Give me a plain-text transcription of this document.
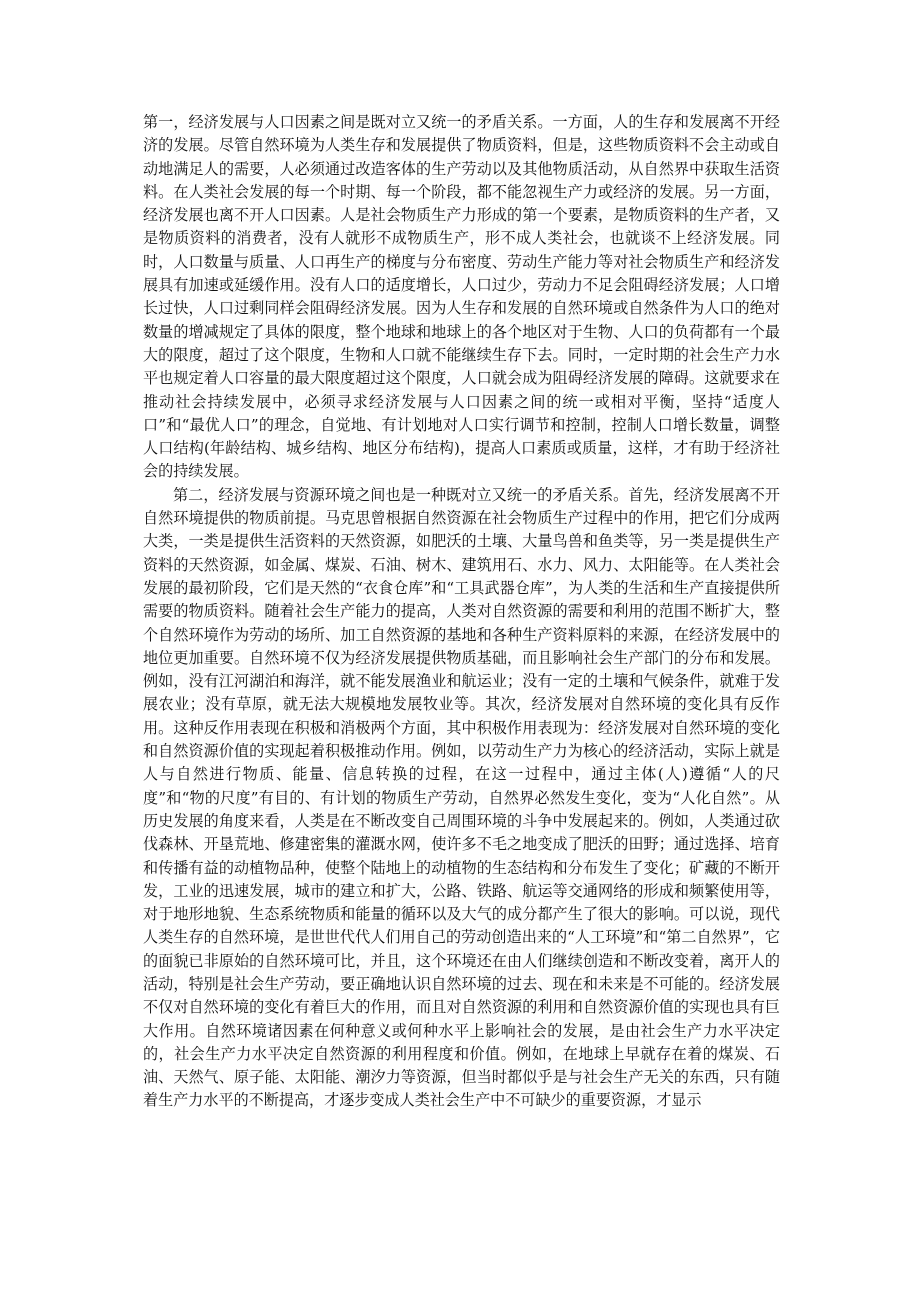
第一，经济发展与人口因素之间是既对立又统一的矛盾关系。一方面，人的生存和发展离不开经济的发展。尽管自然环境为人类生存和发展提供了物质资料，但是，这些物质资料不会主动或自动地满足人的需要，人必须通过改造客体的生产劳动以及其他物质活动，从自然界中获取生活资料。在人类社会发展的每一个时期、每一个阶段，都不能忽视生产力或经济的发展。另一方面，经济发展也离不开人口因素。人是社会物质生产力形成的第一个要素，是物质资料的生产者，又是物质资料的消费者，没有人就形不成物质生产，形不成人类社会，也就谈不上经济发展。同时，人口数量与质量、人口再生产的梯度与分布密度、劳动生产能力等对社会物质生产和经济发展具有加速或延缓作用。没有人口的适度增长，人口过少，劳动力不足会阻碍经济发展；人口增长过快，人口过剩同样会阻碍经济发展。因为人生存和发展的自然环境或自然条件为人口的绝对数量的增减规定了具体的限度，整个地球和地球上的各个地区对于生物、人口的负荷都有一个最大的限度，超过了这个限度，生物和人口就不能继续生存下去。同时，一定时期的社会生产力水平也规定着人口容量的最大限度超过这个限度，人口就会成为阻碍经济发展的障碍。这就要求在推动社会持续发展中，必须寻求经济发展与人口因素之间的统一或相对平衡，坚持“适度人口”和“最优人口”的理念，自觉地、有计划地对人口实行调节和控制，控制人口增长数量，调整人口结构(年龄结构、城乡结构、地区分布结构)，提高人口素质或质量，这样，才有助于经济社会的持续发展。

第二，经济发展与资源环境之间也是一种既对立又统一的矛盾关系。首先，经济发展离不开自然环境提供的物质前提。马克思曾根据自然资源在社会物质生产过程中的作用，把它们分成两大类，一类是提供生活资料的天然资源，如肥沃的土壤、大量鸟兽和鱼类等，另一类是提供生产资料的天然资源，如金属、煤炭、石油、树木、建筑用石、水力、风力、太阳能等。在人类社会发展的最初阶段，它们是天然的“衣食仓库”和“工具武器仓库”，为人类的生活和生产直接提供所需要的物质资料。随着社会生产能力的提高，人类对自然资源的需要和利用的范围不断扩大，整个自然环境作为劳动的场所、加工自然资源的基地和各种生产资料原料的来源，在经济发展中的地位更加重要。自然环境不仅为经济发展提供物质基础，而且影响社会生产部门的分布和发展。例如，没有江河湖泊和海洋，就不能发展渔业和航运业；没有一定的土壤和气候条件，就难于发展农业；没有草原，就无法大规模地发展牧业等。其次，经济发展对自然环境的变化具有反作用。这种反作用表现在积极和消极两个方面，其中积极作用表现为：经济发展对自然环境的变化和自然资源价值的实现起着积极推动作用。例如，以劳动生产力为核心的经济活动，实际上就是人与自然进行物质、能量、信息转换的过程，在这一过程中，通过主体(人)遵循“人的尺度”和“物的尺度”有目的、有计划的物质生产劳动，自然界必然发生变化，变为“人化自然”。从历史发展的角度来看，人类是在不断改变自己周围环境的斗争中发展起来的。例如，人类通过砍伐森林、开垦荒地、修建密集的灌溉水网，使许多不毛之地变成了肥沃的田野；通过选择、培育和传播有益的动植物品种，使整个陆地上的动植物的生态结构和分布发生了变化；矿藏的不断开发，工业的迅速发展，城市的建立和扩大，公路、铁路、航运等交通网络的形成和频繁使用等，对于地形地貌、生态系统物质和能量的循环以及大气的成分都产生了很大的影响。可以说，现代人类生存的自然环境，是世世代代人们用自己的劳动创造出来的“人工环境”和“第二自然界”，它的面貌已非原始的自然环境可比，并且，这个环境还在由人们继续创造和不断改变着，离开人的活动，特别是社会生产劳动，要正确地认识自然环境的过去、现在和未来是不可能的。经济发展不仅对自然环境的变化有着巨大的作用，而且对自然资源的利用和自然资源价值的实现也具有巨大作用。自然环境诸因素在何种意义或何种水平上影响社会的发展，是由社会生产力水平决定的，社会生产力水平决定自然资源的利用程度和价值。例如，在地球上早就存在着的煤炭、石油、天然气、原子能、太阳能、潮汐力等资源，但当时都似乎是与社会生产无关的东西，只有随着生产力水平的不断提高，才逐步变成人类社会生产中不可缺少的重要资源，才显示
